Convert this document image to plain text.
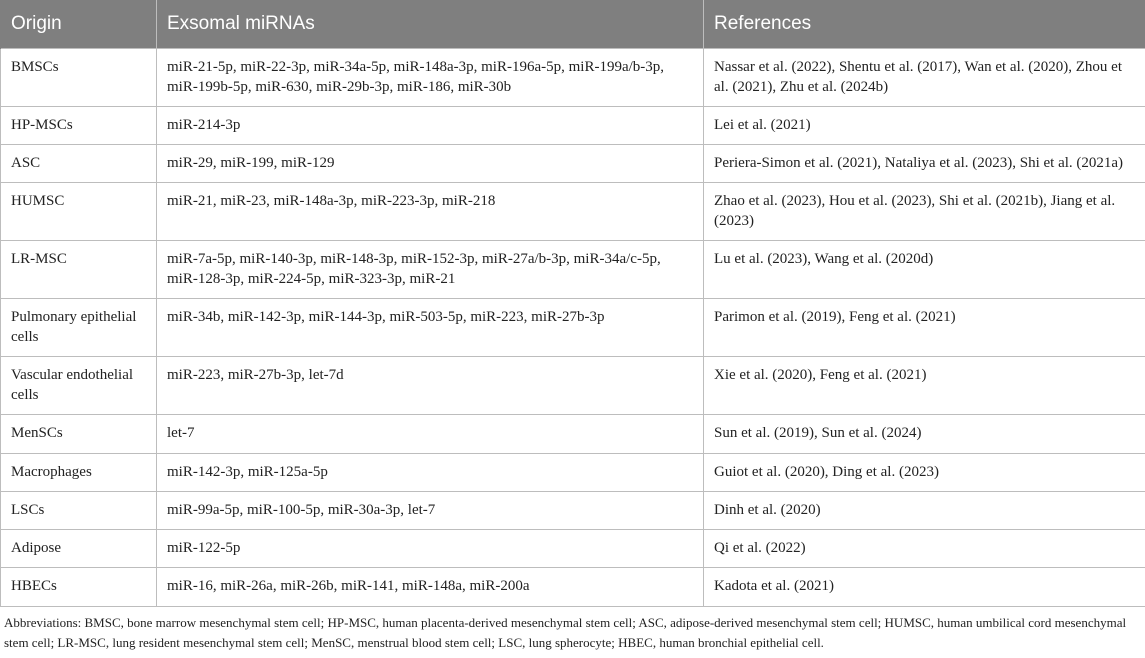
Origin	Exsomal miRNAs	References
BMSCs	miR-21-5p, miR-22-3p, miR-34a-5p, miR-148a-3p, miR-196a-5p, miR-199a/b-3p, miR-199b-5p, miR-630, miR-29b-3p, miR-186, miR-30b	Nassar et al. (2022), Shentu et al. (2017), Wan et al. (2020), Zhou et al. (2021), Zhu et al. (2024b)
HP-MSCs	miR-214-3p	Lei et al. (2021)
ASC	miR-29, miR-199, miR-129	Periera-Simon et al. (2021), Nataliya et al. (2023), Shi et al. (2021a)
HUMSC	miR-21, miR-23, miR-148a-3p, miR-223-3p, miR-218	Zhao et al. (2023), Hou et al. (2023), Shi et al. (2021b), Jiang et al. (2023)
LR-MSC	miR-7a-5p, miR-140-3p, miR-148-3p, miR-152-3p, miR-27a/b-3p, miR-34a/c-5p, miR-128-3p, miR-224-5p, miR-323-3p, miR-21	Lu et al. (2023), Wang et al. (2020d)
Pulmonary epithelial cells	miR-34b, miR-142-3p, miR-144-3p, miR-503-5p, miR-223, miR-27b-3p	Parimon et al. (2019), Feng et al. (2021)
Vascular endothelial cells	miR-223, miR-27b-3p, let-7d	Xie et al. (2020), Feng et al. (2021)
MenSCs	let-7	Sun et al. (2019), Sun et al. (2024)
Macrophages	miR-142-3p, miR-125a-5p	Guiot et al. (2020), Ding et al. (2023)
LSCs	miR-99a-5p, miR-100-5p, miR-30a-3p, let-7	Dinh et al. (2020)
Adipose	miR-122-5p	Qi et al. (2022)
HBECs	miR-16, miR-26a, miR-26b, miR-141, miR-148a, miR-200a	Kadota et al. (2021)
Abbreviations: BMSC, bone marrow mesenchymal stem cell; HP-MSC, human placenta-derived mesenchymal stem cell; ASC, adipose-derived mesenchymal stem cell; HUMSC, human umbilical cord mesenchymal stem cell; LR-MSC, lung resident mesenchymal stem cell; MenSC, menstrual blood stem cell; LSC, lung spherocyte; HBEC, human bronchial epithelial cell.
